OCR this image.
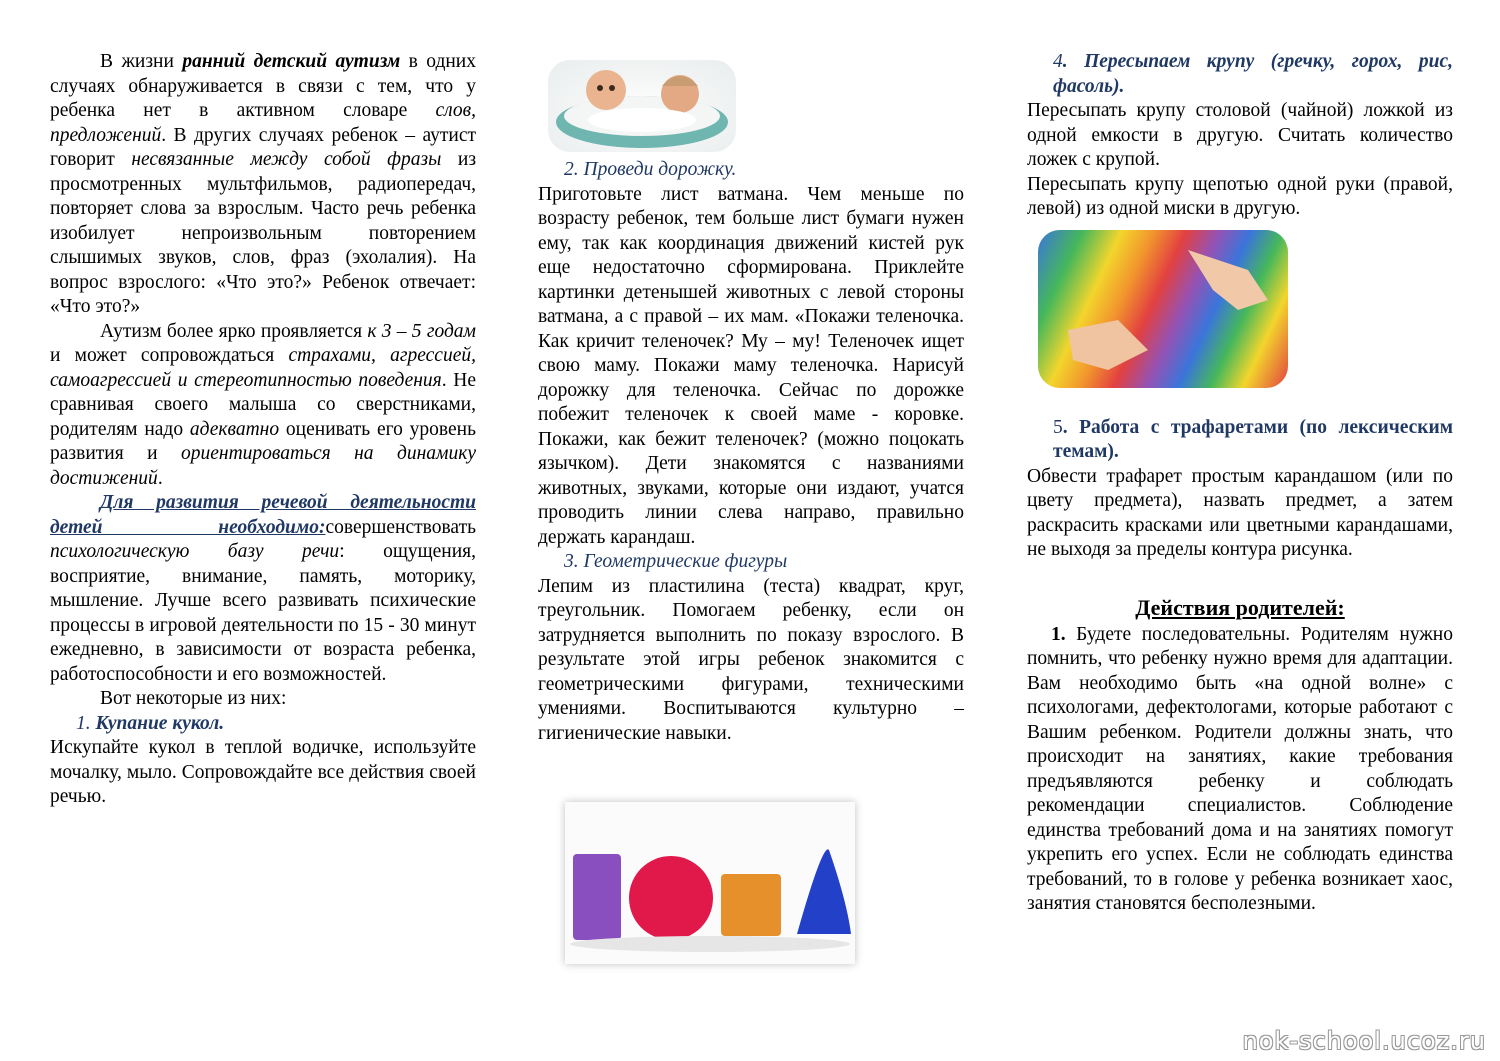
В жизни ранний детский аутизм в одних случаях обнаруживается в связи с тем, что у ребенка нет в активном словаре слов, предложений. В других случаях ребенок – аутист говорит несвязанные между собой фразы из просмотренных мультфильмов, радиопередач, повторяет слова за взрослым. Часто речь ребенка изобилует непроизвольным повторением слышимых звуков, слов, фраз (эхолалия). На вопрос взрослого: «Что это?» Ребенок отвечает: «Что это?»

Аутизм более ярко проявляется к 3 – 5 годам и может сопровождаться страхами, агрессией, самоагрессией и стереотипностью поведения. Не сравнивая своего малыша со сверстниками, родителям надо адекватно оценивать его уровень развития и ориентироваться на динамику достижений.

Для развития речевой деятельности детей необходимо:совершенствовать психологическую базу речи: ощущения, восприятие, внимание, память, моторику, мышление. Лучше всего развивать психические процессы в игровой деятельности по 15 - 30 минут ежедневно, в зависимости от возраста ребенка, работоспособности и его возможностей.

Вот некоторые из них:

1. Купание кукол.

Искупайте кукол в теплой водичке, используйте мочалку, мыло. Сопровождайте все действия своей речью.

2. Проведи дорожку.

Приготовьте лист ватмана. Чем меньше по возрасту ребенок, тем больше лист бумаги нужен ему, так как координация движений кистей рук еще недостаточно сформирована. Приклейте картинки детенышей животных с левой стороны ватмана, а с правой – их мам. «Покажи теленочка. Как кричит теленочек? Му – му! Теленочек ищет свою маму. Покажи маму теленочка. Нарисуй дорожку для теленочка. Сейчас по дорожке побежит теленочек к своей маме - коровке. Покажи, как бежит теленочек? (можно поцокать язычком). Дети знакомятся с названиями животных, звуками, которые они издают, учатся проводить линии слева направо, правильно держать карандаш.

3. Геометрические фигуры

Лепим из пластилина (теста) квадрат, круг, треугольник. Помогаем ребенку, если он затрудняется выполнить по показу взрослого. В результате этой игры ребенок знакомится с геометрическими фигурами, техническими умениями. Воспитываются культурно – гигиенические навыки.

4. Пересыпаем крупу (гречку, горох, рис, фасоль).

Пересыпать крупу столовой (чайной) ложкой из одной емкости в другую. Считать количество ложек с крупой.

Пересыпать крупу щепотью одной руки (правой, левой) из одной миски в другую.

5. Работа с трафаретами (по лексическим темам).

Обвести трафарет простым карандашом (или по цвету предмета), назвать предмет, а затем раскрасить красками или цветными карандашами, не выходя за пределы контура рисунка.

Действия родителей:

1. Будете последовательны. Родителям нужно помнить, что ребенку нужно время для адаптации. Вам необходимо быть «на одной волне» с психологами, дефектологами, которые работают с Вашим ребенком. Родители должны знать, что происходит на занятиях, какие требования предъявляются ребенку и соблюдать рекомендации специалистов. Соблюдение единства требований дома и на занятиях помогут укрепить его успех. Если не соблюдать единства требований, то в голове у ребенка возникает хаос, занятия становятся бесполезными.

nok-school.ucoz.ru
